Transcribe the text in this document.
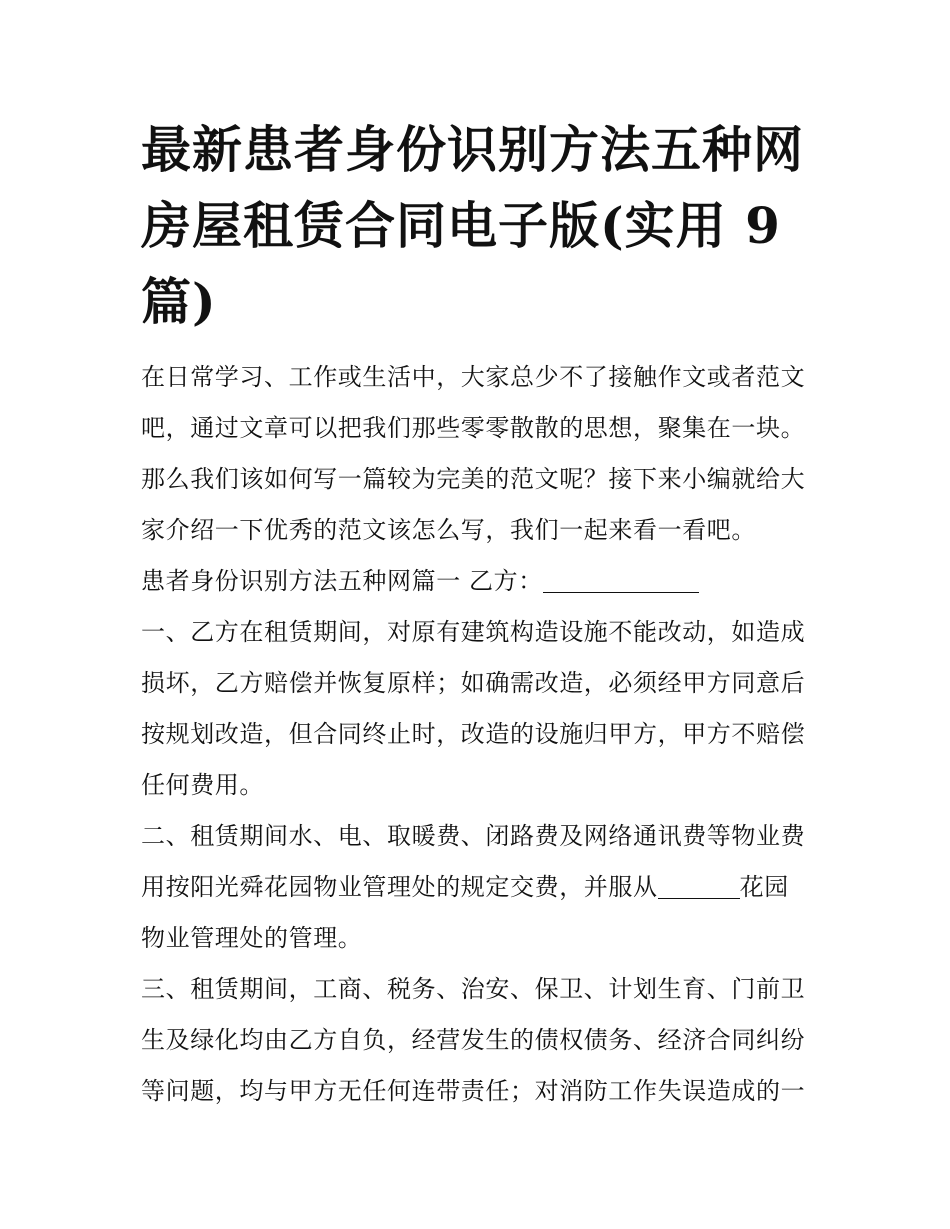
最新患者身份识别方法五种网
房屋租赁合同电子版(实用 9
篇)
在日常学习、工作或生活中，大家总少不了接触作文或者范文
吧，通过文章可以把我们那些零零散散的思想，聚集在一块。
那么我们该如何写一篇较为完美的范文呢？接下来小编就给大
家介绍一下优秀的范文该怎么写，我们一起来看一看吧。
患者身份识别方法五种网篇一 乙方：
一、乙方在租赁期间，对原有建筑构造设施不能改动，如造成
损坏，乙方赔偿并恢复原样；如确需改造，必须经甲方同意后
按规划改造，但合同终止时，改造的设施归甲方，甲方不赔偿
任何费用。
二、租赁期间水、电、取暖费、闭路费及网络通讯费等物业费
用按阳光舜花园物业管理处的规定交费，并服从	花园
物业管理处的管理。
三、租赁期间，工商、税务、治安、保卫、计划生育、门前卫
生及绿化均由乙方自负，经营发生的债权债务、经济合同纠纷
等问题，均与甲方无任何连带责任；对消防工作失误造成的一
